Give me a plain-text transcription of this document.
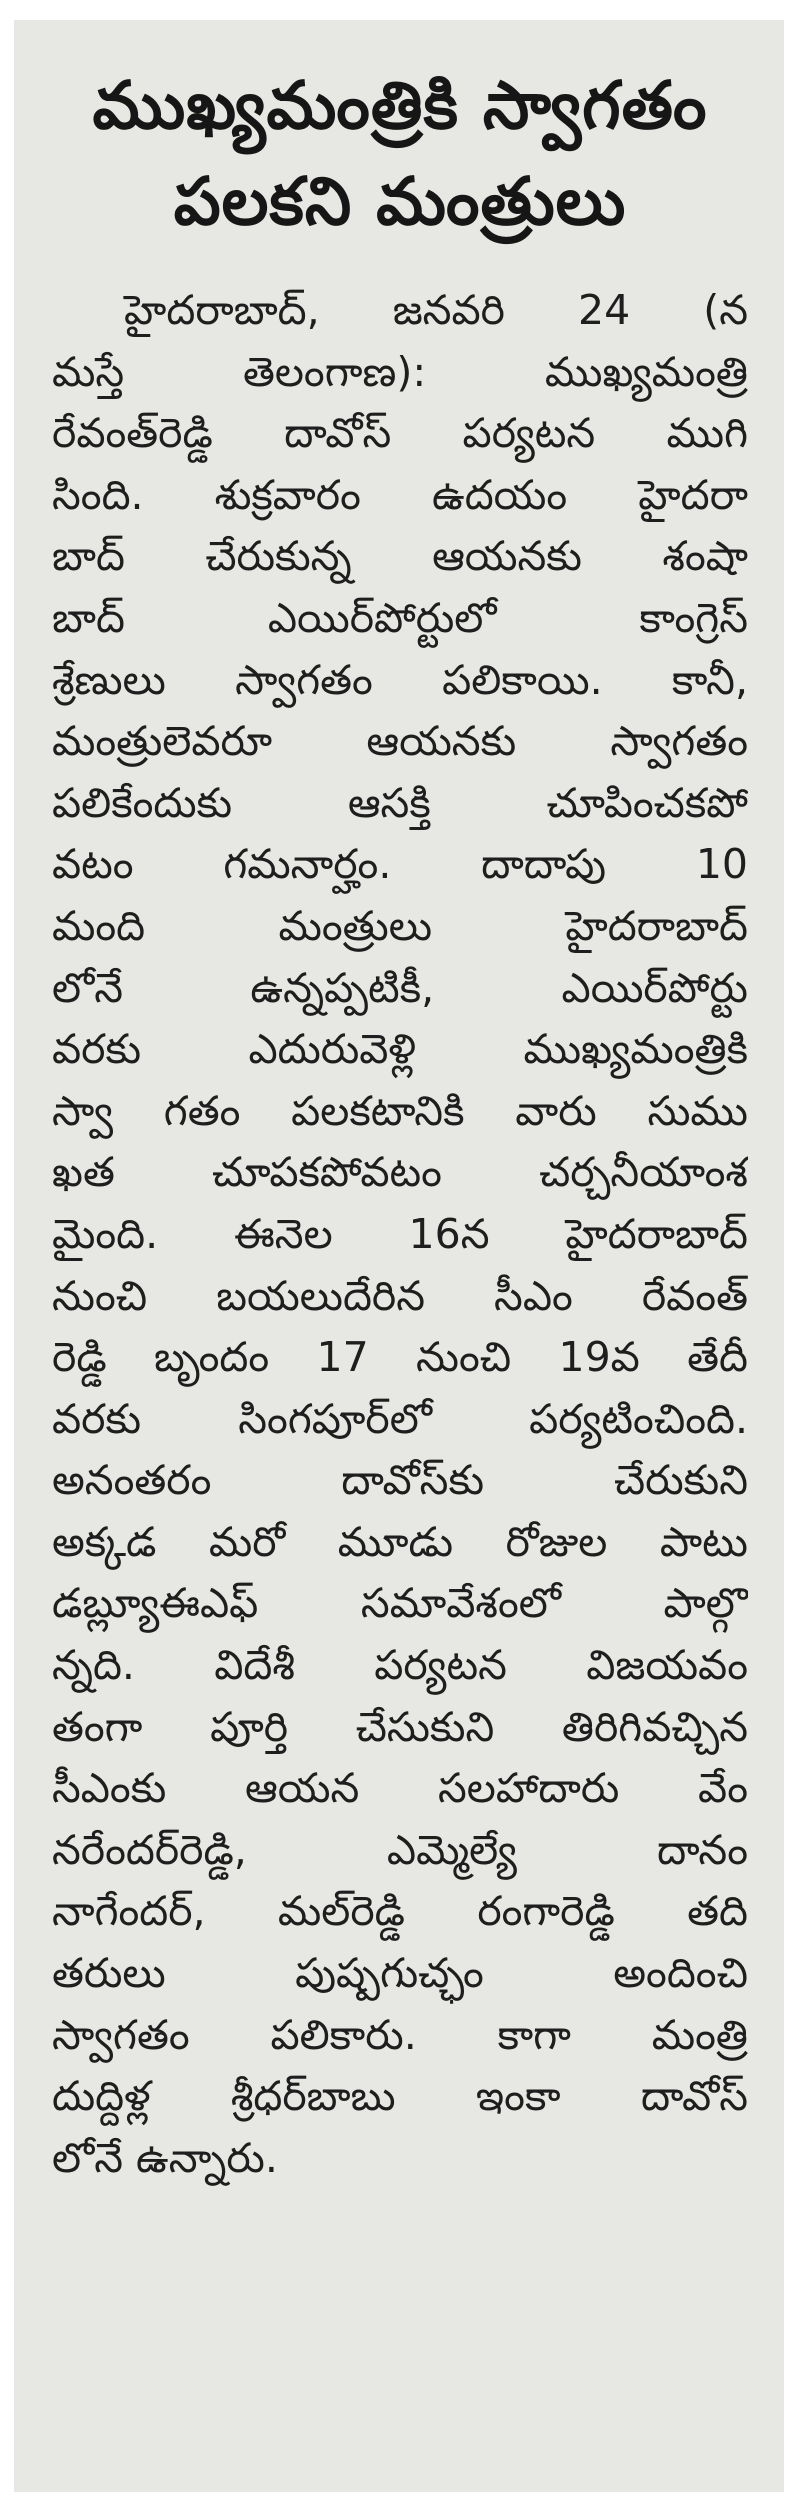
ముఖ్యమంత్రికి స్వాగతం
పలకని మంత్రులు
హైదరాబాద్, జనవరి 24 (న
మస్తే తెలంగాణ): ముఖ్యమంత్రి
రేవంత్‌రెడ్డి దావోస్ పర్యటన ముగి
సింది. శుక్రవారం ఉదయం హైదరా
బాద్ చేరుకున్న ఆయనకు శంషా
బాద్ ఎయిర్‌పోర్టులో కాంగ్రెస్
శ్రేణులు స్వాగతం పలికాయి. కానీ,
మంత్రులెవరూ ఆయనకు స్వాగతం
పలికేందుకు ఆసక్తి చూపించకపో
వటం గమనార్హం. దాదాపు 10
మంది మంత్రులు హైదరాబాద్
లోనే ఉన్నప్పటికీ, ఎయిర్‌పోర్టు
వరకు ఎదురువెళ్లి ముఖ్యమంత్రికి
స్వా గతం పలకటానికి వారు సుము
ఖత చూపకపోవటం చర్చనీయాంశ
మైంది. ఈనెల 16న హైదరాబాద్
నుంచి బయలుదేరిన సీఎం రేవంత్
రెడ్డి బృందం 17 నుంచి 19వ తేదీ
వరకు సింగపూర్‌లో పర్యటించింది.
అనంతరం దావోస్‌కు చేరుకుని
అక్కడ మరో మూడు రోజుల పాటు
డబ్ల్యూఈఎఫ్ సమావేశంలో పాల్గొ
న్నది. విదేశీ పర్యటన విజయవం
తంగా పూర్తి చేసుకుని తిరిగివచ్చిన
సీఎంకు ఆయన సలహాదారు వేం
నరేందర్‌రెడ్డి, ఎమ్మెల్యే దానం
నాగేందర్, మల్‌రెడ్డి రంగారెడ్డి తది
తరులు పుష్పగుచ్ఛం అందించి
స్వాగతం పలికారు. కాగా మంత్రి
దుద్దిళ్ల శ్రీధర్‌బాబు ఇంకా దావోస్
లోనే ఉన్నారు.
